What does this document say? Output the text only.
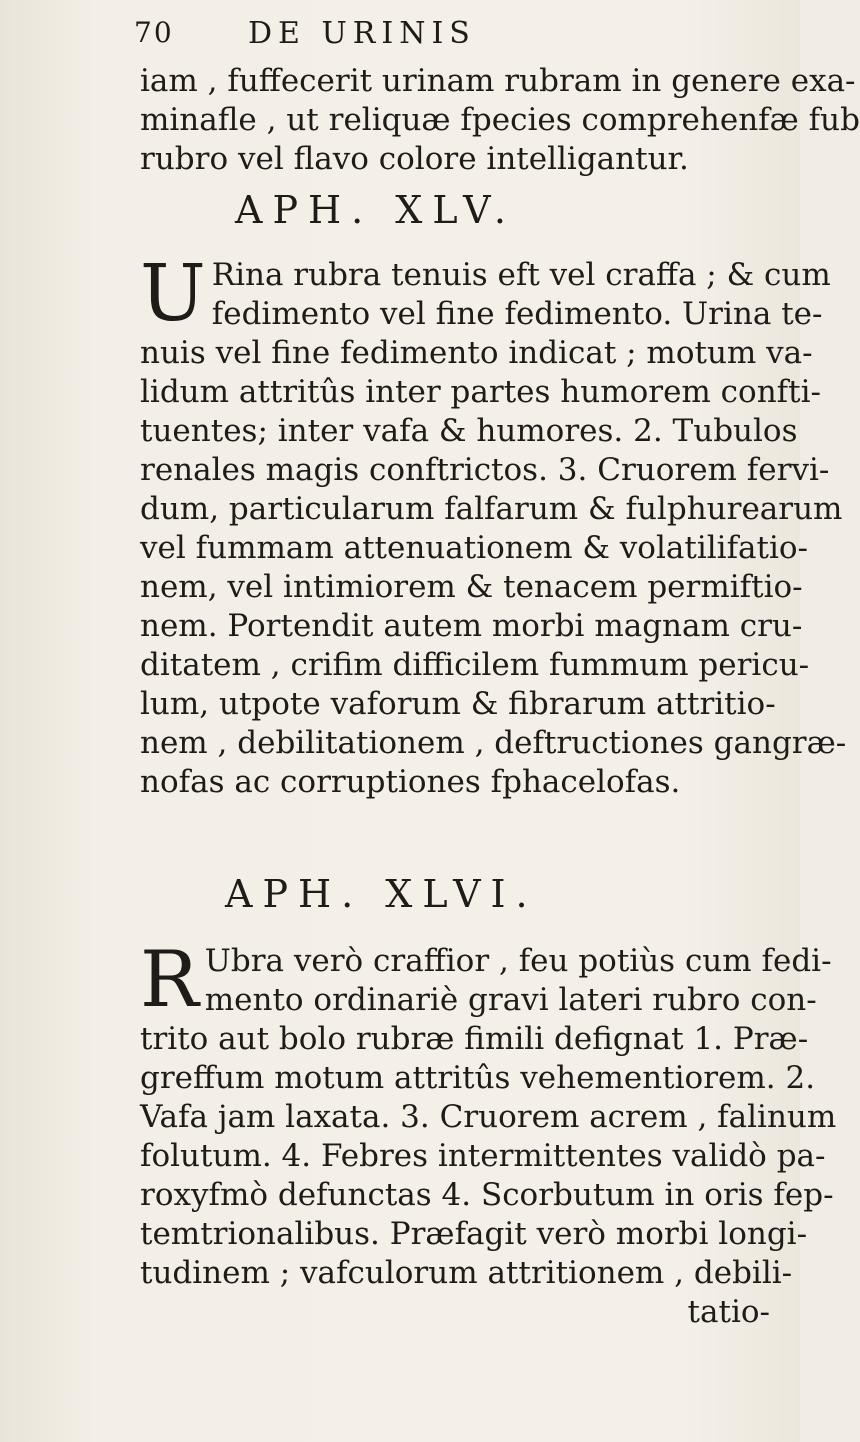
70 DE URINIS
iam , fuffecerit urinam rubram in genere exa-
minafle , ut reliquæ fpecies comprehenfæ fub
rubro vel flavo colore intelligantur.
APH. XLV.
U Rina rubra tenuis eft vel craffa ; & cum
fedimento vel fine fedimento. Urina te-
nuis vel fine fedimento indicat ; motum va-
lidum attritûs inter partes humorem confti-
tuentes; inter vafa & humores. 2. Tubulos
renales magis conftrictos. 3. Cruorem fervi-
dum, particularum falfarum & fulphurearum
vel fummam attenuationem & volatilifatio-
nem, vel intimiorem & tenacem permiftio-
nem. Portendit autem morbi magnam cru-
ditatem , crifim difficilem fummum pericu-
lum, utpote vaforum & fibrarum attritio-
nem , debilitationem , deftructiones gangræ-
nofas ac corruptiones fphacelofas.
APH. XLVI.
R Ubra verò craffior , feu potiùs cum fedi-
mento ordinariè gravi lateri rubro con-
trito aut bolo rubræ fimili defignat 1. Præ-
greffum motum attritûs vehementiorem. 2.
Vafa jam laxata. 3. Cruorem acrem , falinum
folutum. 4. Febres intermittentes validò pa-
roxyfmò defunctas 4. Scorbutum in oris fep-
temtrionalibus. Præfagit verò morbi longi-
tudinem ; vafculorum attritionem , debili-
tatio-
